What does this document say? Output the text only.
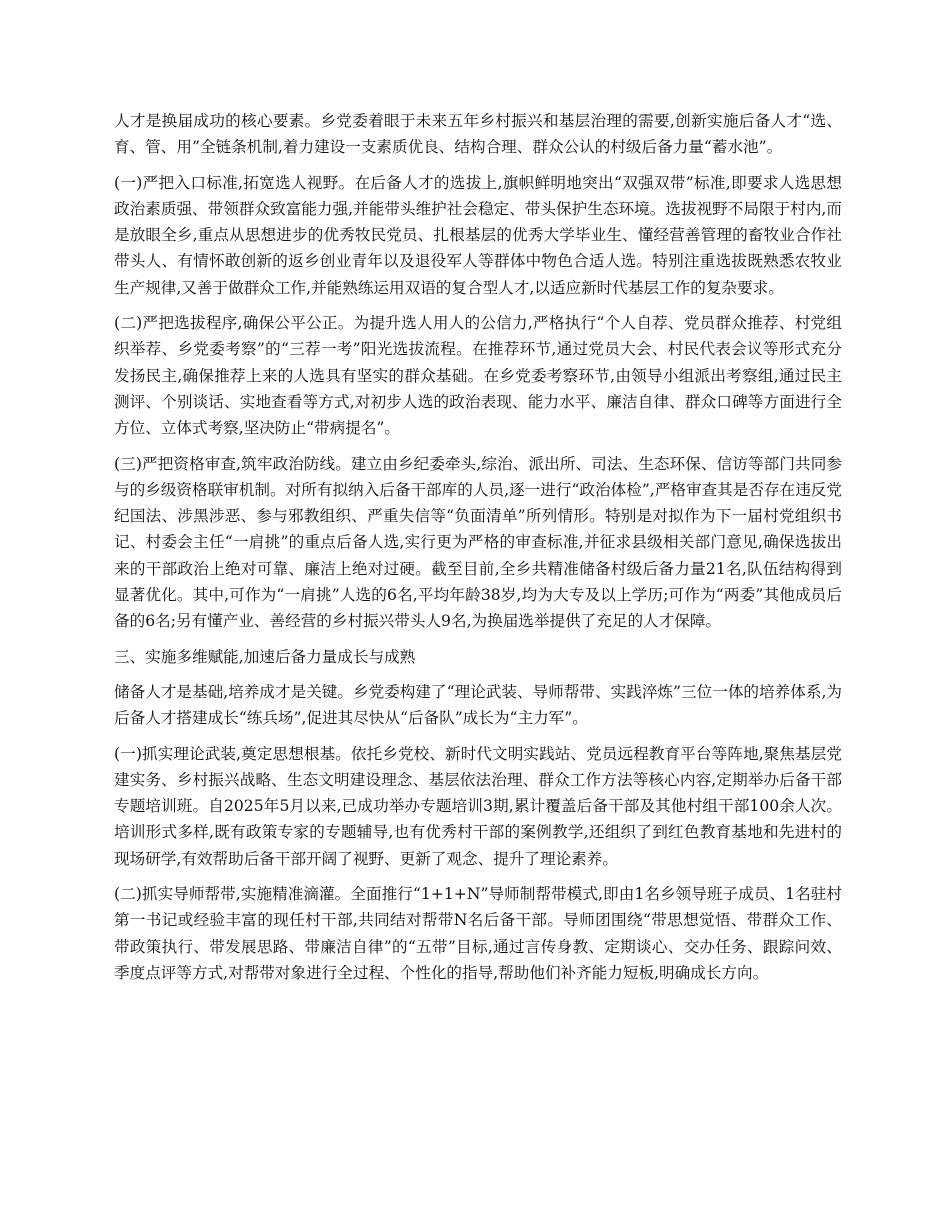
人才是换届成功的核心要素。乡党委着眼于未来五年乡村振兴和基层治理的需要,创新实施后备人才“选、育、管、用”全链条机制,着力建设一支素质优良、结构合理、群众公认的村级后备力量“蓄水池”。

(一)严把入口标准,拓宽选人视野。在后备人才的选拔上,旗帜鲜明地突出“双强双带”标准,即要求人选思想政治素质强、带领群众致富能力强,并能带头维护社会稳定、带头保护生态环境。选拔视野不局限于村内,而是放眼全乡,重点从思想进步的优秀牧民党员、扎根基层的优秀大学毕业生、懂经营善管理的畜牧业合作社带头人、有情怀敢创新的返乡创业青年以及退役军人等群体中物色合适人选。特别注重选拔既熟悉农牧业生产规律,又善于做群众工作,并能熟练运用双语的复合型人才,以适应新时代基层工作的复杂要求。

(二)严把选拔程序,确保公平公正。为提升选人用人的公信力,严格执行“个人自荐、党员群众推荐、村党组织举荐、乡党委考察”的“三荐一考”阳光选拔流程。在推荐环节,通过党员大会、村民代表会议等形式充分发扬民主,确保推荐上来的人选具有坚实的群众基础。在乡党委考察环节,由领导小组派出考察组,通过民主测评、个别谈话、实地查看等方式,对初步人选的政治表现、能力水平、廉洁自律、群众口碑等方面进行全方位、立体式考察,坚决防止“带病提名”。

(三)严把资格审查,筑牢政治防线。建立由乡纪委牵头,综治、派出所、司法、生态环保、信访等部门共同参与的乡级资格联审机制。对所有拟纳入后备干部库的人员,逐一进行“政治体检”,严格审查其是否存在违反党纪国法、涉黑涉恶、参与邪教组织、严重失信等“负面清单”所列情形。特别是对拟作为下一届村党组织书记、村委会主任“一肩挑”的重点后备人选,实行更为严格的审查标准,并征求县级相关部门意见,确保选拔出来的干部政治上绝对可靠、廉洁上绝对过硬。截至目前,全乡共精准储备村级后备力量21名,队伍结构得到显著优化。其中,可作为“一肩挑”人选的6名,平均年龄38岁,均为大专及以上学历;可作为“两委”其他成员后备的6名;另有懂产业、善经营的乡村振兴带头人9名,为换届选举提供了充足的人才保障。

三、实施多维赋能,加速后备力量成长与成熟

储备人才是基础,培养成才是关键。乡党委构建了“理论武装、导师帮带、实践淬炼”三位一体的培养体系,为后备人才搭建成长“练兵场”,促进其尽快从“后备队”成长为“主力军”。

(一)抓实理论武装,奠定思想根基。依托乡党校、新时代文明实践站、党员远程教育平台等阵地,聚焦基层党建实务、乡村振兴战略、生态文明建设理念、基层依法治理、群众工作方法等核心内容,定期举办后备干部专题培训班。自2025年5月以来,已成功举办专题培训3期,累计覆盖后备干部及其他村组干部100余人次。培训形式多样,既有政策专家的专题辅导,也有优秀村干部的案例教学,还组织了到红色教育基地和先进村的现场研学,有效帮助后备干部开阔了视野、更新了观念、提升了理论素养。

(二)抓实导师帮带,实施精准滴灌。全面推行“1+1+N”导师制帮带模式,即由1名乡领导班子成员、1名驻村第一书记或经验丰富的现任村干部,共同结对帮带N名后备干部。导师团围绕“带思想觉悟、带群众工作、带政策执行、带发展思路、带廉洁自律”的“五带”目标,通过言传身教、定期谈心、交办任务、跟踪问效、季度点评等方式,对帮带对象进行全过程、个性化的指导,帮助他们补齐能力短板,明确成长方向。
